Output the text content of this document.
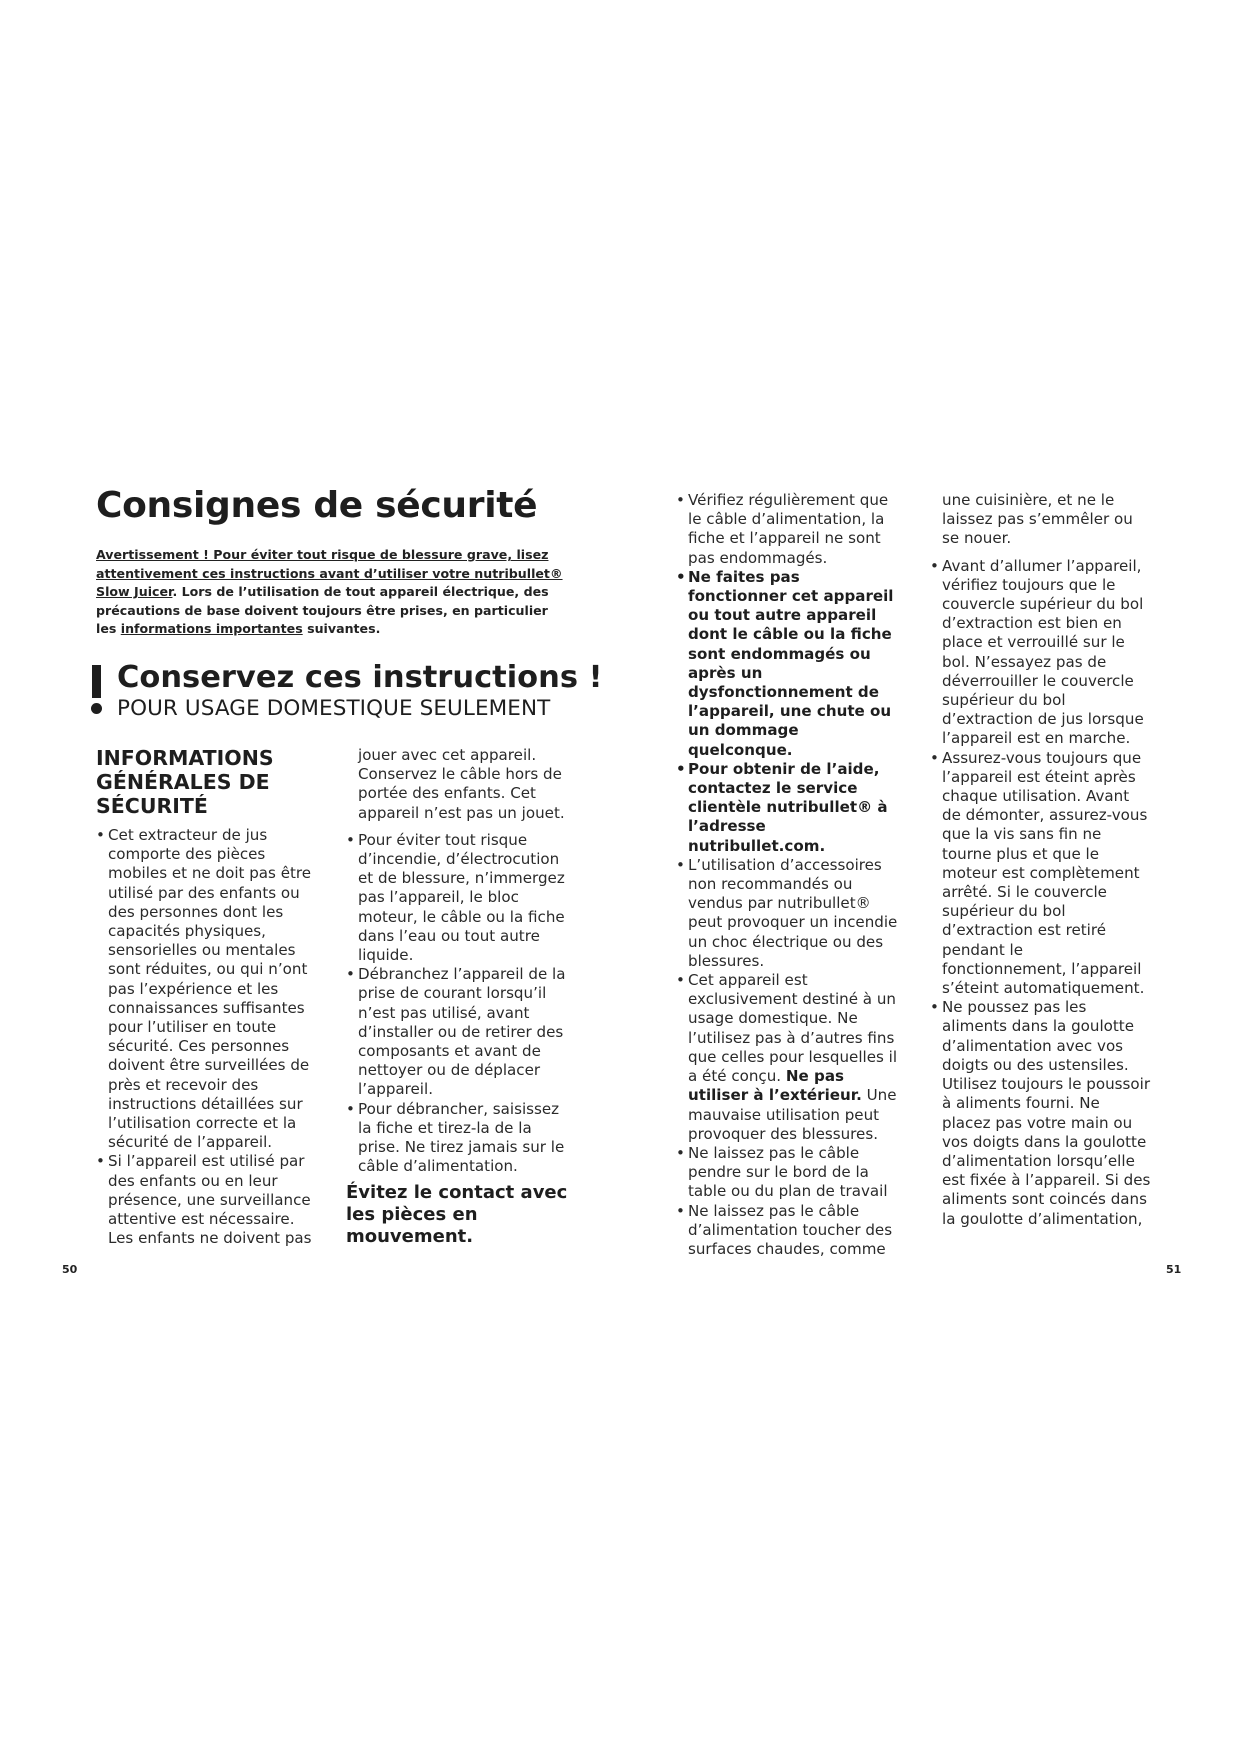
Consignes de sécurité

Avertissement ! Pour éviter tout risque de blessure grave, lisez attentivement ces instructions avant d’utiliser votre nutribullet® Slow Juicer. Lors de l’utilisation de tout appareil électrique, des précautions de base doivent toujours être prises, en particulier les informations importantes suivantes.

Conservez ces instructions !
POUR USAGE DOMESTIQUE SEULEMENT
INFORMATIONS GÉNÉRALES DE SÉCURITÉ

• Cet extracteur de jus comporte des pièces mobiles et ne doit pas être utilisé par des enfants ou des personnes dont les capacités physiques, sensorielles ou mentales sont réduites, ou qui n’ont pas l’expérience et les connaissances suffisantes pour l’utiliser en toute sécurité. Ces personnes doivent être surveillées de près et recevoir des instructions détaillées sur l’utilisation correcte et la sécurité de l’appareil.

• Si l’appareil est utilisé par des enfants ou en leur présence, une surveillance attentive est nécessaire. Les enfants ne doivent pas

jouer avec cet appareil. Conservez le câble hors de portée des enfants. Cet appareil n’est pas un jouet.

• Pour éviter tout risque d’incendie, d’électrocution et de blessure, n’immergez pas l’appareil, le bloc moteur, le câble ou la fiche dans l’eau ou tout autre liquide.

• Débranchez l’appareil de la prise de courant lorsqu’il n’est pas utilisé, avant d’installer ou de retirer des composants et avant de nettoyer ou de déplacer l’appareil.

• Pour débrancher, saisissez la fiche et tirez-la de la prise. Ne tirez jamais sur le câble d’alimentation.

Évitez le contact avec les pièces en mouvement.
50

• Vérifiez régulièrement que le câble d’alimentation, la fiche et l’appareil ne sont pas endommagés.

• Ne faites pas fonctionner cet appareil ou tout autre appareil dont le câble ou la fiche sont endommagés ou après un dysfonctionnement de l’appareil, une chute ou un dommage quelconque.

• Pour obtenir de l’aide, contactez le service clientèle nutribullet® à l’adresse nutribullet.com.

• L’utilisation d’accessoires non recommandés ou vendus par nutribullet® peut provoquer un incendie un choc électrique ou des blessures.

• Cet appareil est exclusivement destiné à un usage domestique. Ne l’utilisez pas à d’autres fins que celles pour lesquelles il a été conçu. Ne pas utiliser à l’extérieur. Une mauvaise utilisation peut provoquer des blessures.

• Ne laissez pas le câble pendre sur le bord de la table ou du plan de travail

• Ne laissez pas le câble d’alimentation toucher des surfaces chaudes, comme

une cuisinière, et ne le laissez pas s’emmêler ou se nouer.

• Avant d’allumer l’appareil, vérifiez toujours que le couvercle supérieur du bol d’extraction est bien en place et verrouillé sur le bol. N’essayez pas de déverrouiller le couvercle supérieur du bol d’extraction de jus lorsque l’appareil est en marche.

• Assurez-vous toujours que l’appareil est éteint après chaque utilisation. Avant de démonter, assurez-vous que la vis sans fin ne tourne plus et que le moteur est complètement arrêté. Si le couvercle supérieur du bol d’extraction est retiré pendant le fonctionnement, l’appareil s’éteint automatiquement.

• Ne poussez pas les aliments dans la goulotte d’alimentation avec vos doigts ou des ustensiles. Utilisez toujours le poussoir à aliments fourni. Ne placez pas votre main ou vos doigts dans la goulotte d’alimentation lorsqu’elle est fixée à l’appareil. Si des aliments sont coincés dans la goulotte d’alimentation,

51
